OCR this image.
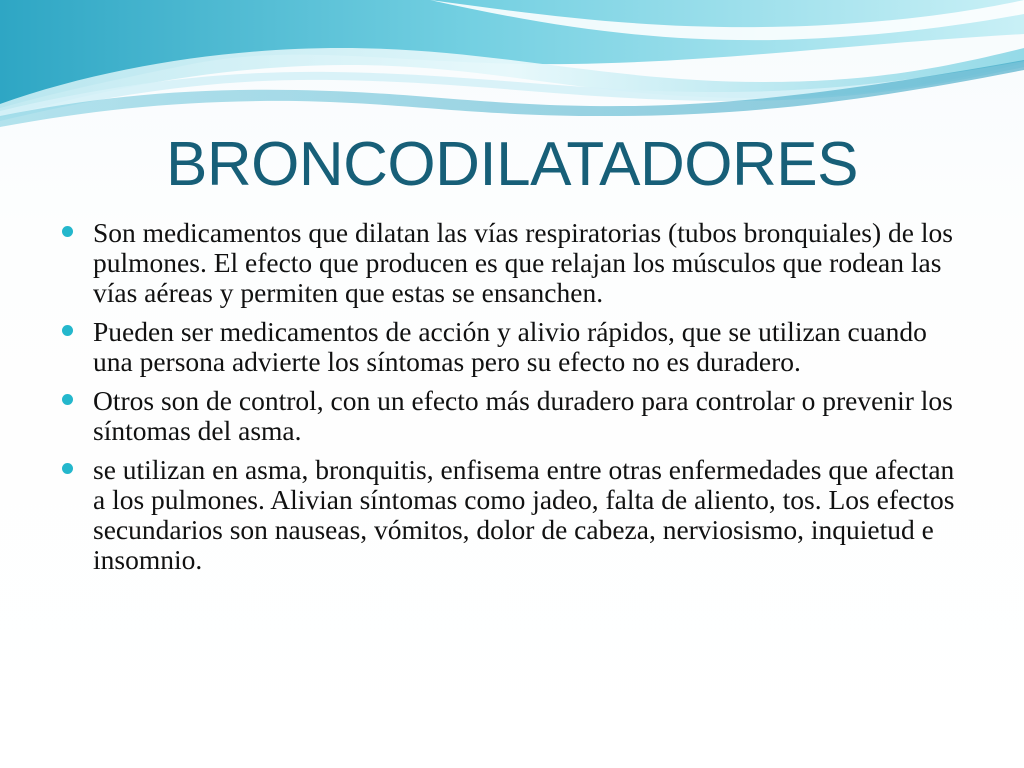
BRONCODILATADORES
Son medicamentos que dilatan las vías respiratorias (tubos bronquiales) de los pulmones. El efecto que producen es que relajan los músculos que rodean las vías aéreas y permiten que estas se ensanchen.
Pueden ser medicamentos de acción y alivio rápidos, que se utilizan cuando una persona advierte los síntomas pero su efecto no es duradero.
Otros son de control, con un efecto más duradero para controlar o prevenir los síntomas del asma.
se utilizan en asma, bronquitis, enfisema entre otras enfermedades que afectan a los pulmones. Alivian síntomas como jadeo, falta de aliento, tos. Los efectos secundarios son nauseas, vómitos, dolor de cabeza, nerviosismo, inquietud e insomnio.
